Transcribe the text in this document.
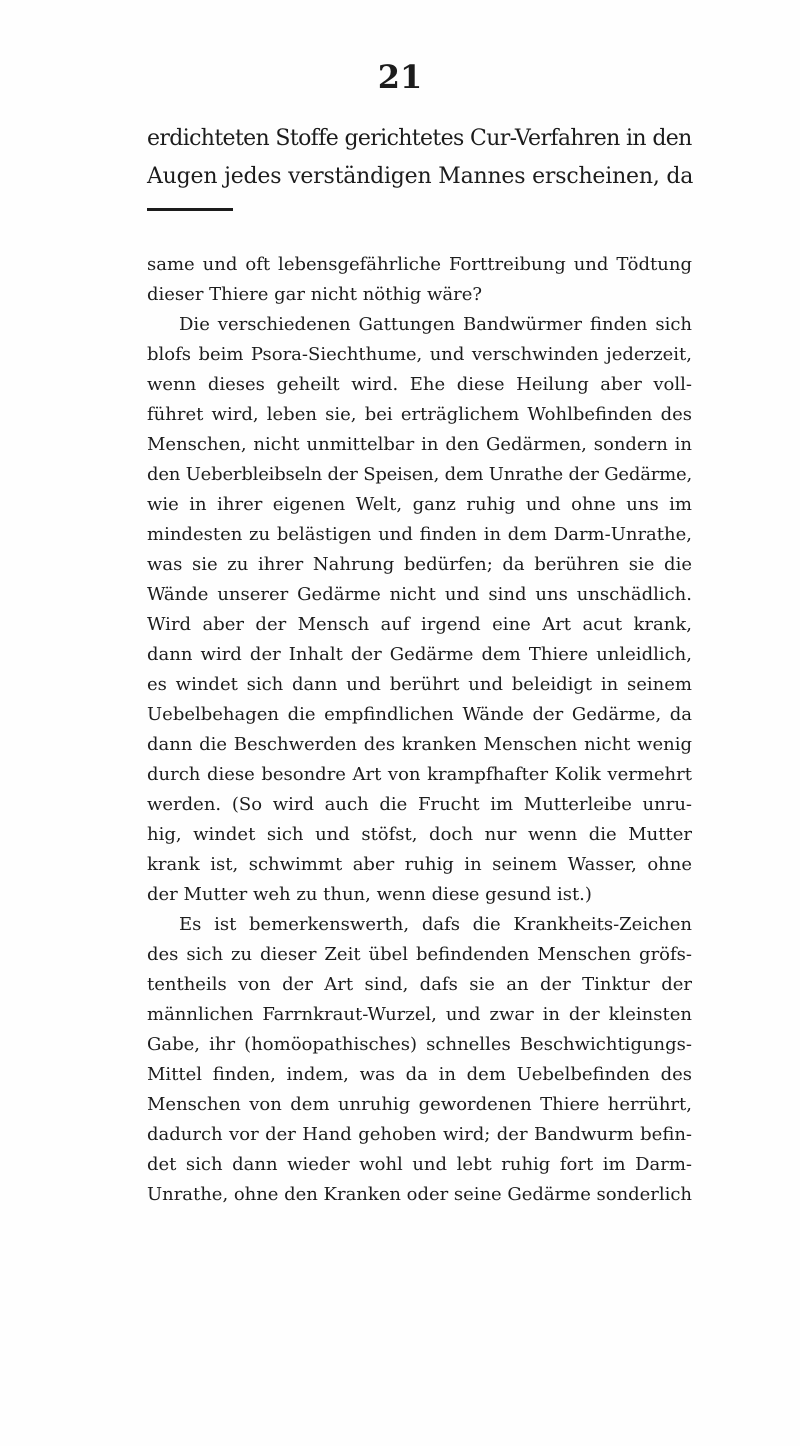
21
erdichteten Stoffe gerichtetes Cur-Verfahren in den
Augen jedes verständigen Mannes erscheinen, da
same und oft lebensgefährliche Forttreibung und Tödtung
dieser Thiere gar nicht nöthig wäre?
Die verschiedenen Gattungen Bandwürmer finden sich
blofs beim Psora-Siechthume, und verschwinden jederzeit,
wenn dieses geheilt wird. Ehe diese Heilung aber voll-
führet wird, leben sie, bei erträglichem Wohlbefinden des
Menschen, nicht unmittelbar in den Gedärmen, sondern in
den Ueberbleibseln der Speisen, dem Unrathe der Gedärme,
wie in ihrer eigenen Welt, ganz ruhig und ohne uns im
mindesten zu belästigen und finden in dem Darm-Unrathe,
was sie zu ihrer Nahrung bedürfen; da berühren sie die
Wände unserer Gedärme nicht und sind uns unschädlich.
Wird aber der Mensch auf irgend eine Art acut krank,
dann wird der Inhalt der Gedärme dem Thiere unleidlich,
es windet sich dann und berührt und beleidigt in seinem
Uebelbehagen die empfindlichen Wände der Gedärme, da
dann die Beschwerden des kranken Menschen nicht wenig
durch diese besondre Art von krampfhafter Kolik vermehrt
werden. (So wird auch die Frucht im Mutterleibe unru-
hig, windet sich und stöfst, doch nur wenn die Mutter
krank ist, schwimmt aber ruhig in seinem Wasser, ohne
der Mutter weh zu thun, wenn diese gesund ist.)
Es ist bemerkenswerth, dafs die Krankheits-Zeichen
des sich zu dieser Zeit übel befindenden Menschen gröfs-
tentheils von der Art sind, dafs sie an der Tinktur der
männlichen Farrnkraut-Wurzel, und zwar in der kleinsten
Gabe, ihr (homöopathisches) schnelles Beschwichtigungs-
Mittel finden, indem, was da in dem Uebelbefinden des
Menschen von dem unruhig gewordenen Thiere herrührt,
dadurch vor der Hand gehoben wird; der Bandwurm befin-
det sich dann wieder wohl und lebt ruhig fort im Darm-
Unrathe, ohne den Kranken oder seine Gedärme sonderlich
